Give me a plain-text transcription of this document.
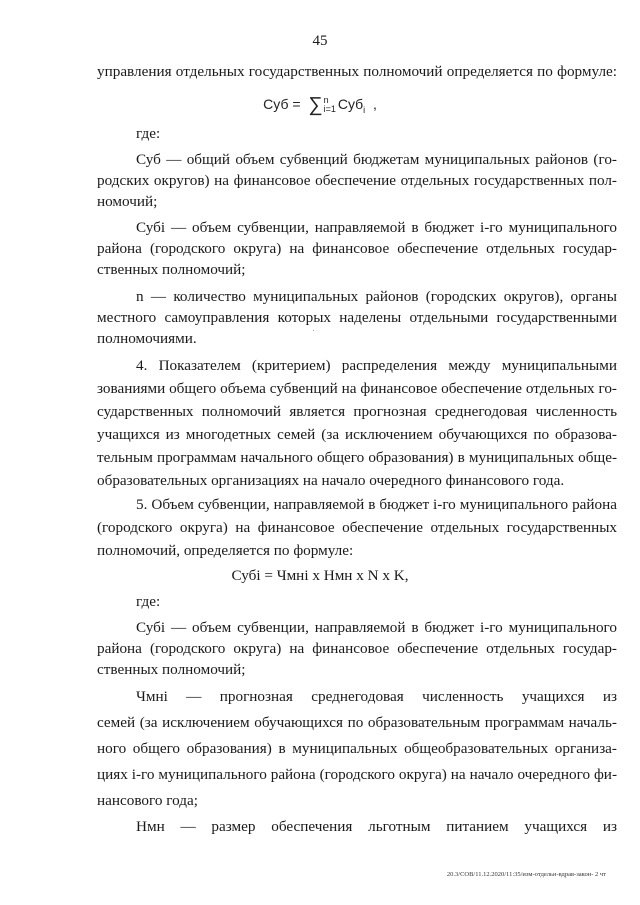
45
управления отдельных государственных полномочий определяется по формуле:
Суб = ∑n
i=1 Суб$_i$ ,
где:
Суб — общий объем субвенций бюджетам муниципальных районов (го-
родских округов) на финансовое обеспечение отдельных государственных пол-
номочий;
Субi — объем субвенции, направляемой в бюджет i-го муниципального
района (городского округа) на финансовое обеспечение отдельных государ-
ственных полномочий;
n — количество муниципальных районов (городских округов), органы
местного самоуправления которых наделены отдельными государственными
полномочиями.
4. Показателем (критерием) распределения между муниципальными
зованиями общего объема субвенций на финансовое обеспечение отдельных го-
сударственных полномочий является прогнозная среднегодовая численность
учащихся из многодетных семей (за исключением обучающихся по образова-
тельным программам начального общего образования) в муниципальных обще-
образовательных организациях на начало очередного финансового года.
5. Объем субвенции, направляемой в бюджет i-го муниципального района
(городского округа) на финансовое обеспечение отдельных государственных
полномочий, определяется по формуле:
Субi = Чмнi х Нмн х N х K,
где:
Субi — объем субвенции, направляемой в бюджет i-го муниципального
района (городского округа) на финансовое обеспечение отдельных государ-
ственных полномочий;
Чмнi — прогнозная среднегодовая численность учащихся из
семей (за исключением обучающихся по образовательным программам началь-
ного общего образования) в муниципальных общеобразовательных организа-
циях i-го муниципального района (городского округа) на начало очередного фи-
нансового года;
Нмн — размер обеспечения льготным питанием учащихся из
20.3/СОВ/11.12.2020/11:35/изм-отдельн-вдрав-закон- 2 чт
